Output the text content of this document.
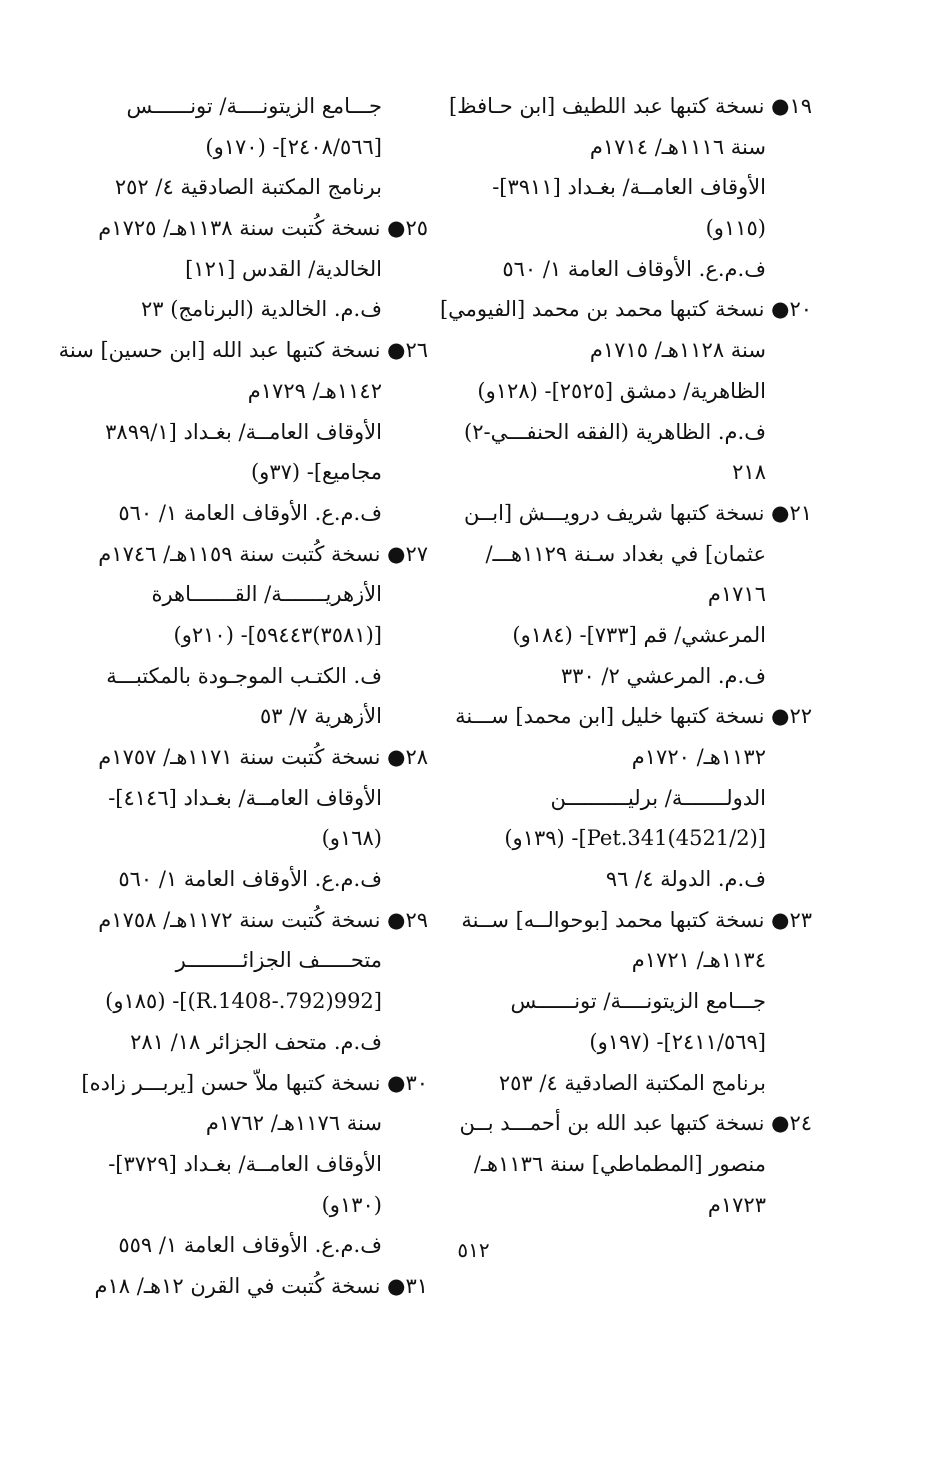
١٩● نسخة كتبها عبد اللطيف [ابن حـافظ]
سنة ١١١٦هـ/ ١٧١٤م
الأوقاف العامــة/ بغـداد [٣٩١١]-
(١١٥و)
ف.م.ع. الأوقاف العامة ١/ ٥٦٠
٢٠● نسخة كتبها محمد بن محمد [الفيومي]
سنة ١١٢٨هـ/ ١٧١٥م
الظاهرية/ دمشق [٢٥٢٥]- (١٢٨و)
ف.م. الظاهرية (الفقه الحنفـــي-٢)
٢١٨
٢١● نسخة كتبها شريف درويـــش [ابــن
عثمان] في بغداد سـنة ١١٢٩هـــ/
١٧١٦م
المرعشي/ قم [٧٣٣]- (١٨٤و)
ف.م. المرعشي ٢/ ٣٣٠
٢٢● نسخة كتبها خليل [ابن محمد] ســـنة
١١٣٢هـ/ ١٧٢٠م
الدولـــــــة/ برليــــــــــن
[(4521/2)Pet.341]- (١٣٩و)
ف.م. الدولة ٤/ ٩٦
٢٣● نسخة كتبها محمد [بوحوالــه] ســنة
١١٣٤هـ/ ١٧٢١م
جـــامع الزيتونــــة/ تونــــــس
[٢٤١١/٥٦٩]- (١٩٧و)
برنامج المكتبة الصادقية ٤/ ٢٥٣
٢٤● نسخة كتبها عبد الله بن أحمـــد بــن
منصور [المطماطي] سنة ١١٣٦هـ/
١٧٢٣م
جـــامع الزيتونــــة/ تونــــــس
[٢٤٠٨/٥٦٦]- (١٧٠و)
برنامج المكتبة الصادقية ٤/ ٢٥٢
٢٥● نسخة كُتبت سنة ١١٣٨هـ/ ١٧٢٥م
الخالدية/ القدس [١٢١]
ف.م. الخالدية (البرنامج) ٢٣
٢٦● نسخة كتبها عبد الله [ابن حسين] سنة
١١٤٢هـ/ ١٧٢٩م
الأوقاف العامــة/ بغـداد [٣٨٩٩/١
مجاميع]- (٣٧و)
ف.م.ع. الأوقاف العامة ١/ ٥٦٠
٢٧● نسخة كُتبت سنة ١١٥٩هـ/ ١٧٤٦م
الأزهريـــــــة/ القـــــــاهرة
[(٣٥٨١)٥٩٤٤٣]- (٢١٠و)
ف. الكتـب الموجـودة بالمكتبـــة
الأزهرية ٧/ ٥٣
٢٨● نسخة كُتبت سنة ١١٧١هـ/ ١٧٥٧م
الأوقاف العامــة/ بغـداد [٤١٤٦]-
(١٦٨و)
ف.م.ع. الأوقاف العامة ١/ ٥٦٠
٢٩● نسخة كُتبت سنة ١١٧٢هـ/ ١٧٥٨م
متحـــــف الجزائـــــــــر
[992(792.-R.1408)]- (١٨٥و)
ف.م. متحف الجزائر ١٨/ ٢٨١
٣٠● نسخة كتبها ملاّ حسن [يربـــر زاده]
سنة ١١٧٦هـ/ ١٧٦٢م
الأوقاف العامــة/ بغـداد [٣٧٢٩]-
(١٣٠و)
ف.م.ع. الأوقاف العامة ١/ ٥٥٩
٣١● نسخة كُتبت في القرن ١٢هـ/ ١٨م
٥١٢
